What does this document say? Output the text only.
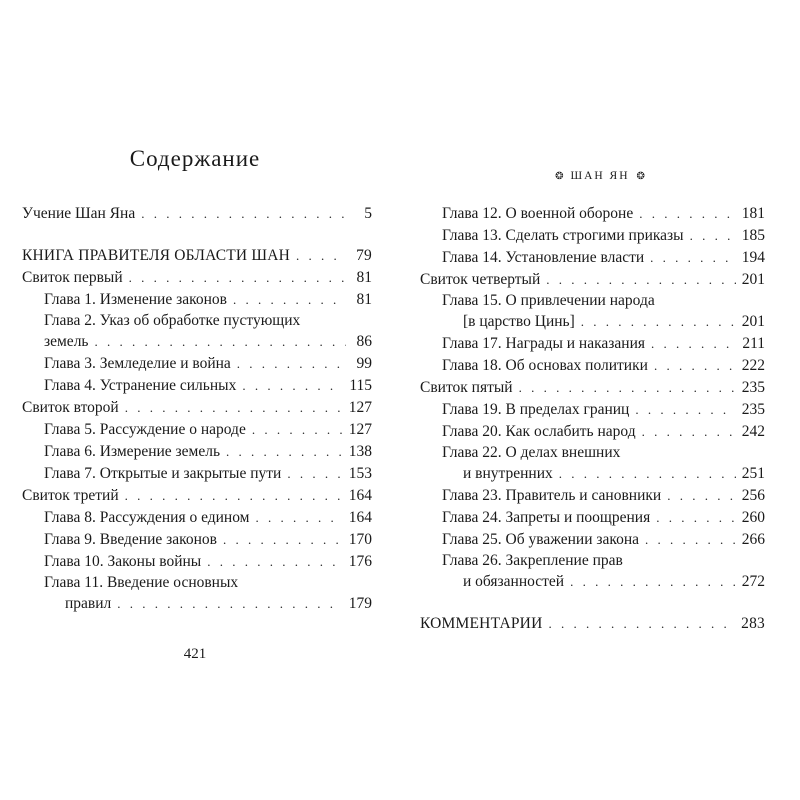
Содержание
Учение Шан Яна . . .	5
КНИГА ПРАВИТЕЛЯ ОБЛАСТИ ШАН . . .	79
Свиток первый . . .	81
Глава 1. Изменение законов . . .	81
Глава 2. Указ об обработке пустующих
земель . . .	86
Глава 3. Земледелие и война . . .	99
Глава 4. Устранение сильных . . .	115
Свиток второй . . .	127
Глава 5. Рассуждение о народе . . .	127
Глава 6. Измерение земель . . .	138
Глава 7. Открытые и закрытые пути . . .	153
Свиток третий . . .	164
Глава 8. Рассуждения о едином . . .	164
Глава 9. Введение законов . . .	170
Глава 10. Законы войны . . .	176
Глава 11. Введение основных
правил . . .	179
421
❂ ШАН ЯН ❂
Глава 12. О военной обороне . . .	181
Глава 13. Сделать строгими приказы . . .	185
Глава 14. Установление власти . . .	194
Свиток четвертый . . .	201
Глава 15. О привлечении народа
[в царство Цинь] . . .	201
Глава 17. Награды и наказания . . .	211
Глава 18. Об основах политики . . .	222
Свиток пятый . . .	235
Глава 19. В пределах границ . . .	235
Глава 20. Как ослабить народ . . .	242
Глава 22. О делах внешних
и внутренних . . .	251
Глава 23. Правитель и сановники . . .	256
Глава 24. Запреты и поощрения . . .	260
Глава 25. Об уважении закона . . .	266
Глава 26. Закрепление прав
и обязанностей . . .	272
КОММЕНТАРИИ . . .	283
